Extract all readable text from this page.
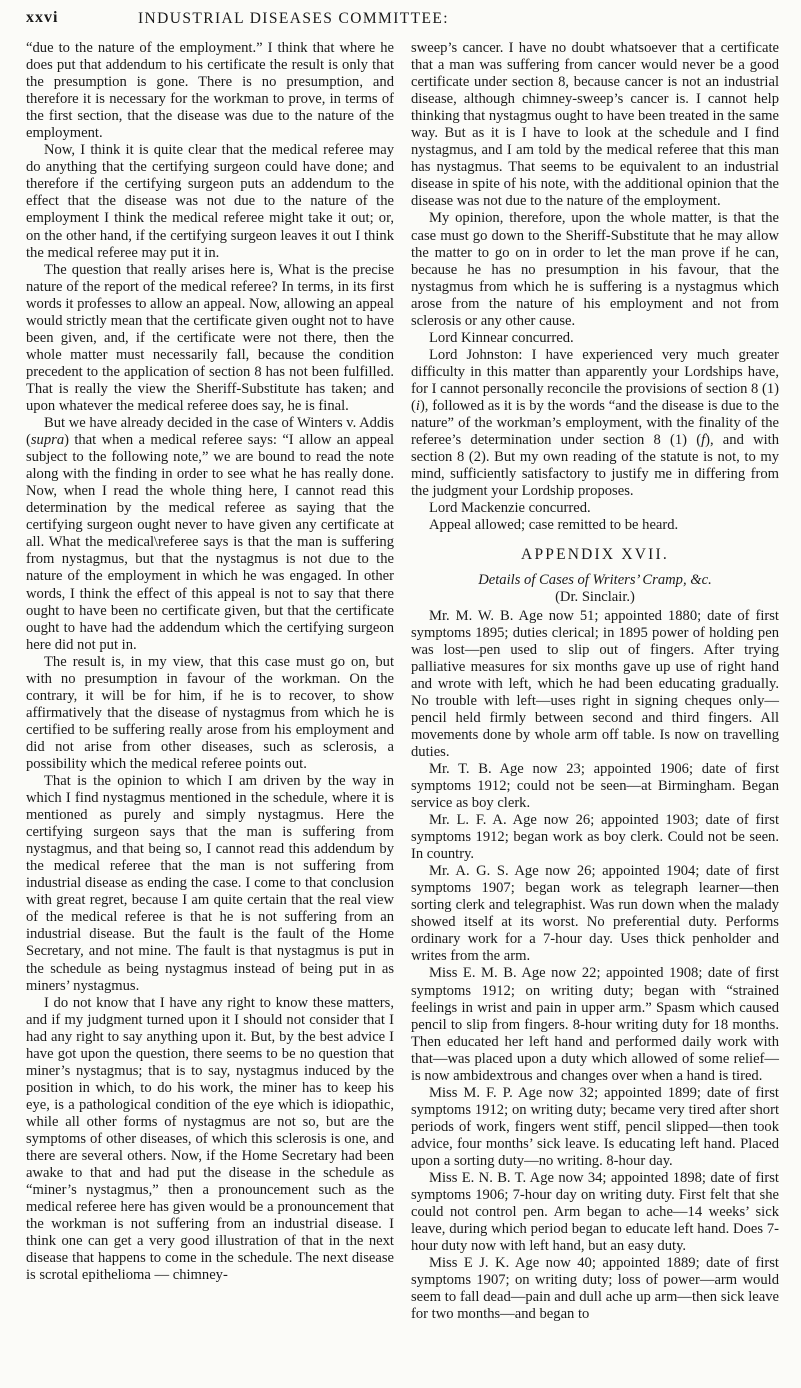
xxvi	INDUSTRIAL DISEASES COMMITTEE:

“due to the nature of the employment.” I think that where he does put that addendum to his certificate the result is only that the presumption is gone. There is no presumption, and therefore it is necessary for the workman to prove, in terms of the first section, that the disease was due to the nature of the employment.

Now, I think it is quite clear that the medical referee may do anything that the certifying surgeon could have done; and therefore if the certifying surgeon puts an addendum to the effect that the disease was not due to the nature of the employment I think the medical referee might take it out; or, on the other hand, if the certifying surgeon leaves it out I think the medical referee may put it in.

The question that really arises here is, What is the precise nature of the report of the medical referee? In terms, in its first words it professes to allow an appeal. Now, allowing an appeal would strictly mean that the certificate given ought not to have been given, and, if the certificate were not there, then the whole matter must necessarily fall, because the condition precedent to the application of section 8 has not been fulfilled. That is really the view the Sheriff-Substitute has taken; and upon whatever the medical referee does say, he is final.

But we have already decided in the case of Winters v. Addis (supra) that when a medical referee says: “I allow an appeal subject to the following note,” we are bound to read the note along with the finding in order to see what he has really done. Now, when I read the whole thing here, I cannot read this determination by the medical referee as saying that the certifying surgeon ought never to have given any certificate at all. What the medical\referee says is that the man is suffering from nystagmus, but that the nystagmus is not due to the nature of the employment in which he was engaged. In other words, I think the effect of this appeal is not to say that there ought to have been no certificate given, but that the certificate ought to have had the addendum which the certifying surgeon here did not put in.

The result is, in my view, that this case must go on, but with no presumption in favour of the workman. On the contrary, it will be for him, if he is to recover, to show affirmatively that the disease of nystagmus from which he is certified to be suffering really arose from his employment and did not arise from other diseases, such as sclerosis, a possibility which the medical referee points out.

That is the opinion to which I am driven by the way in which I find nystagmus mentioned in the schedule, where it is mentioned as purely and simply nystagmus. Here the certifying surgeon says that the man is suffering from nystagmus, and that being so, I cannot read this addendum by the medical referee that the man is not suffering from industrial disease as ending the case. I come to that conclusion with great regret, because I am quite certain that the real view of the medical referee is that he is not suffering from an industrial disease. But the fault is the fault of the Home Secretary, and not mine. The fault is that nystagmus is put in the schedule as being nystagmus instead of being put in as miners’ nystagmus.

I do not know that I have any right to know these matters, and if my judgment turned upon it I should not consider that I had any right to say anything upon it. But, by the best advice I have got upon the question, there seems to be no question that miner’s nystagmus; that is to say, nystagmus induced by the position in which, to do his work, the miner has to keep his eye, is a pathological condition of the eye which is idiopathic, while all other forms of nystagmus are not so, but are the symptoms of other diseases, of which this sclerosis is one, and there are several others. Now, if the Home Secretary had been awake to that and had put the disease in the schedule as “miner’s nystagmus,” then a pronouncement such as the medical referee here has given would be a pronouncement that the workman is not suffering from an industrial disease. I think one can get a very good illustration of that in the next disease that happens to come in the schedule. The next disease is scrotal epithelioma — chimney-

sweep’s cancer. I have no doubt whatsoever that a certificate that a man was suffering from cancer would never be a good certificate under section 8, because cancer is not an industrial disease, although chimney-sweep’s cancer is. I cannot help thinking that nystagmus ought to have been treated in the same way. But as it is I have to look at the schedule and I find nystagmus, and I am told by the medical referee that this man has nystagmus. That seems to be equivalent to an industrial disease in spite of his note, with the additional opinion that the disease was not due to the nature of the employment.

My opinion, therefore, upon the whole matter, is that the case must go down to the Sheriff-Substitute that he may allow the matter to go on in order to let the man prove if he can, because he has no presumption in his favour, that the nystagmus from which he is suffering is a nystagmus which arose from the nature of his employment and not from sclerosis or any other cause.

Lord Kinnear concurred.

Lord Johnston: I have experienced very much greater difficulty in this matter than apparently your Lordships have, for I cannot personally reconcile the provisions of section 8 (1) (i), followed as it is by the words “and the disease is due to the nature” of the workman’s employment, with the finality of the referee’s determination under section 8 (1) (f), and with section 8 (2). But my own reading of the statute is not, to my mind, sufficiently satisfactory to justify me in differing from the judgment your Lordship proposes.

Lord Mackenzie concurred.

Appeal allowed; case remitted to be heard.

APPENDIX XVII.

Details of Cases of Writers’ Cramp, &c.

(Dr. Sinclair.)

Mr. M. W. B. Age now 51; appointed 1880; date of first symptoms 1895; duties clerical; in 1895 power of holding pen was lost—pen used to slip out of fingers. After trying palliative measures for six months gave up use of right hand and wrote with left, which he had been educating gradually. No trouble with left—uses right in signing cheques only—pencil held firmly between second and third fingers. All movements done by whole arm off table. Is now on travelling duties.

Mr. T. B. Age now 23; appointed 1906; date of first symptoms 1912; could not be seen—at Birmingham. Began service as boy clerk.

Mr. L. F. A. Age now 26; appointed 1903; date of first symptoms 1912; began work as boy clerk. Could not be seen. In country.

Mr. A. G. S. Age now 26; appointed 1904; date of first symptoms 1907; began work as telegraph learner—then sorting clerk and telegraphist. Was run down when the malady showed itself at its worst. No preferential duty. Performs ordinary work for a 7-hour day. Uses thick penholder and writes from the arm.

Miss E. M. B. Age now 22; appointed 1908; date of first symptoms 1912; on writing duty; began with “strained feelings in wrist and pain in upper arm.” Spasm which caused pencil to slip from fingers. 8-hour writing duty for 18 months. Then educated her left hand and performed daily work with that—was placed upon a duty which allowed of some relief—is now ambidextrous and changes over when a hand is tired.

Miss M. F. P. Age now 32; appointed 1899; date of first symptoms 1912; on writing duty; became very tired after short periods of work, fingers went stiff, pencil slipped—then took advice, four months’ sick leave. Is educating left hand. Placed upon a sorting duty—no writing. 8-hour day.

Miss E. N. B. T. Age now 34; appointed 1898; date of first symptoms 1906; 7-hour day on writing duty. First felt that she could not control pen. Arm began to ache—14 weeks’ sick leave, during which period began to educate left hand. Does 7-hour duty now with left hand, but an easy duty.

Miss E J. K. Age now 40; appointed 1889; date of first symptoms 1907; on writing duty; loss of power—arm would seem to fall dead—pain and dull ache up arm—then sick leave for two months—and began to
